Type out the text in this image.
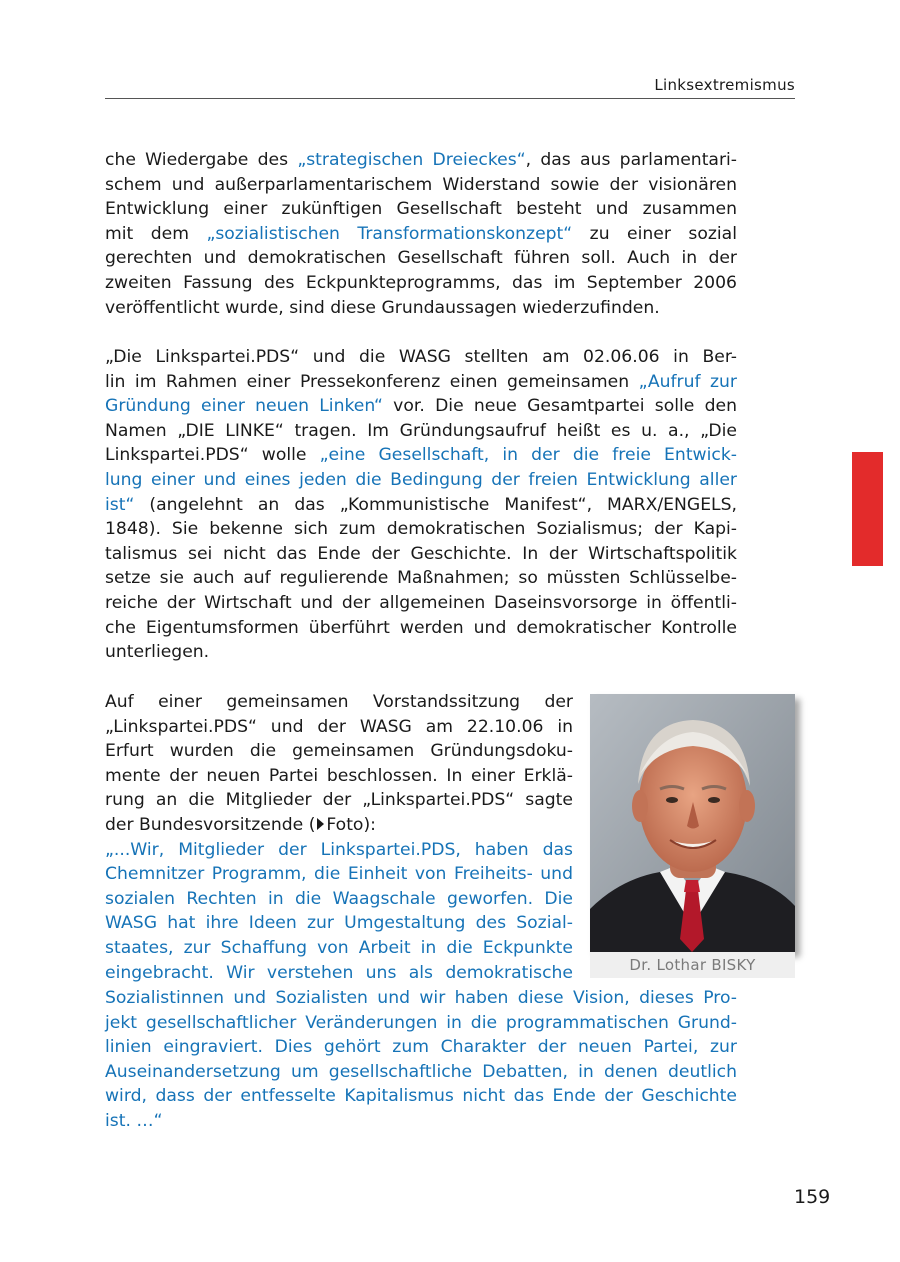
Linksextremismus
che Wiedergabe des „strategischen Dreieckes“, das aus parlamentari-
schem und außerparlamentarischem Widerstand sowie der visionären
Entwicklung einer zukünftigen Gesellschaft besteht und zusammen
mit dem „sozialistischen Transformationskonzept“ zu einer sozial
gerechten und demokratischen Gesellschaft führen soll. Auch in der
zweiten Fassung des Eckpunkteprogramms, das im September 2006
veröffentlicht wurde, sind diese Grundaussagen wiederzufinden.
„Die Linkspartei.PDS“ und die WASG stellten am 02.06.06 in Ber-
lin im Rahmen einer Pressekonferenz einen gemeinsamen „Aufruf zur
Gründung einer neuen Linken“ vor. Die neue Gesamtpartei solle den
Namen „DIE LINKE“ tragen. Im Gründungsaufruf heißt es u. a., „Die
Linkspartei.PDS“ wolle „eine Gesellschaft, in der die freie Entwick-
lung einer und eines jeden die Bedingung der freien Entwicklung aller
ist“ (angelehnt an das „Kommunistische Manifest“, MARX/ENGELS,
1848). Sie bekenne sich zum demokratischen Sozialismus; der Kapi-
talismus sei nicht das Ende der Geschichte. In der Wirtschaftspolitik
setze sie auch auf regulierende Maßnahmen; so müssten Schlüsselbe-
reiche der Wirtschaft und der allgemeinen Daseinsvorsorge in öffentli-
che Eigentumsformen überführt werden und demokratischer Kontrolle
unterliegen.
Auf einer gemeinsamen Vorstandssitzung der
„Linkspartei.PDS“ und der WASG am 22.10.06 in
Erfurt wurden die gemeinsamen Gründungsdoku-
mente der neuen Partei beschlossen. In einer Erklä-
rung an die Mitglieder der „Linkspartei.PDS“ sagte
der Bundesvorsitzende ( Foto):
„...Wir, Mitglieder der Linkspartei.PDS, haben das
Chemnitzer Programm, die Einheit von Freiheits- und
sozialen Rechten in die Waagschale geworfen. Die
WASG hat ihre Ideen zur Umgestaltung des Sozial-
staates, zur Schaffung von Arbeit in die Eckpunkte
eingebracht. Wir verstehen uns als demokratische
Sozialistinnen und Sozialisten und wir haben diese Vision, dieses Pro-
jekt gesellschaftlicher Veränderungen in die programmatischen Grund-
linien eingraviert. Dies gehört zum Charakter der neuen Partei, zur
Auseinandersetzung um gesellschaftliche Debatten, in denen deutlich
wird, dass der entfesselte Kapitalismus nicht das Ende der Geschichte
ist. …“
Dr. Lothar BISKY
159
